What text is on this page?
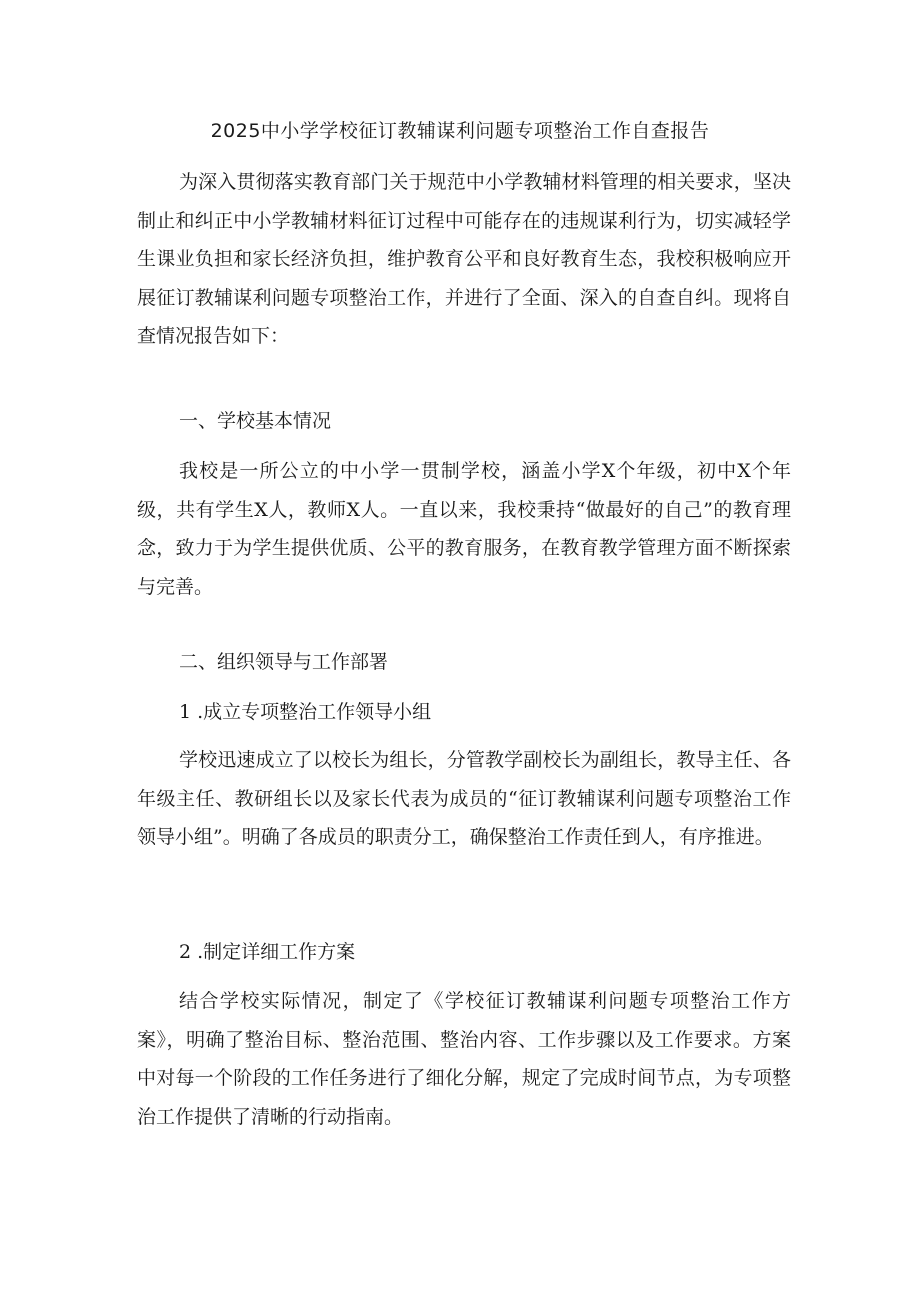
2025中小学学校征订教辅谋利问题专项整治工作自查报告

为深入贯彻落实教育部门关于规范中小学教辅材料管理的相关要求，坚决制止和纠正中小学教辅材料征订过程中可能存在的违规谋利行为，切实减轻学生课业负担和家长经济负担，维护教育公平和良好教育生态，我校积极响应开展征订教辅谋利问题专项整治工作，并进行了全面、深入的自查自纠。现将自查情况报告如下：

一、学校基本情况

我校是一所公立的中小学一贯制学校，涵盖小学X个年级，初中X个年级，共有学生X人，教师X人。一直以来，我校秉持“做最好的自己”的教育理念，致力于为学生提供优质、公平的教育服务，在教育教学管理方面不断探索与完善。

二、组织领导与工作部署

1 .成立专项整治工作领导小组

学校迅速成立了以校长为组长，分管教学副校长为副组长，教导主任、各年级主任、教研组长以及家长代表为成员的“征订教辅谋利问题专项整治工作领导小组”。明确了各成员的职责分工，确保整治工作责任到人，有序推进。

2 .制定详细工作方案

结合学校实际情况，制定了《学校征订教辅谋利问题专项整治工作方案》，明确了整治目标、整治范围、整治内容、工作步骤以及工作要求。方案中对每一个阶段的工作任务进行了细化分解，规定了完成时间节点，为专项整治工作提供了清晰的行动指南。
